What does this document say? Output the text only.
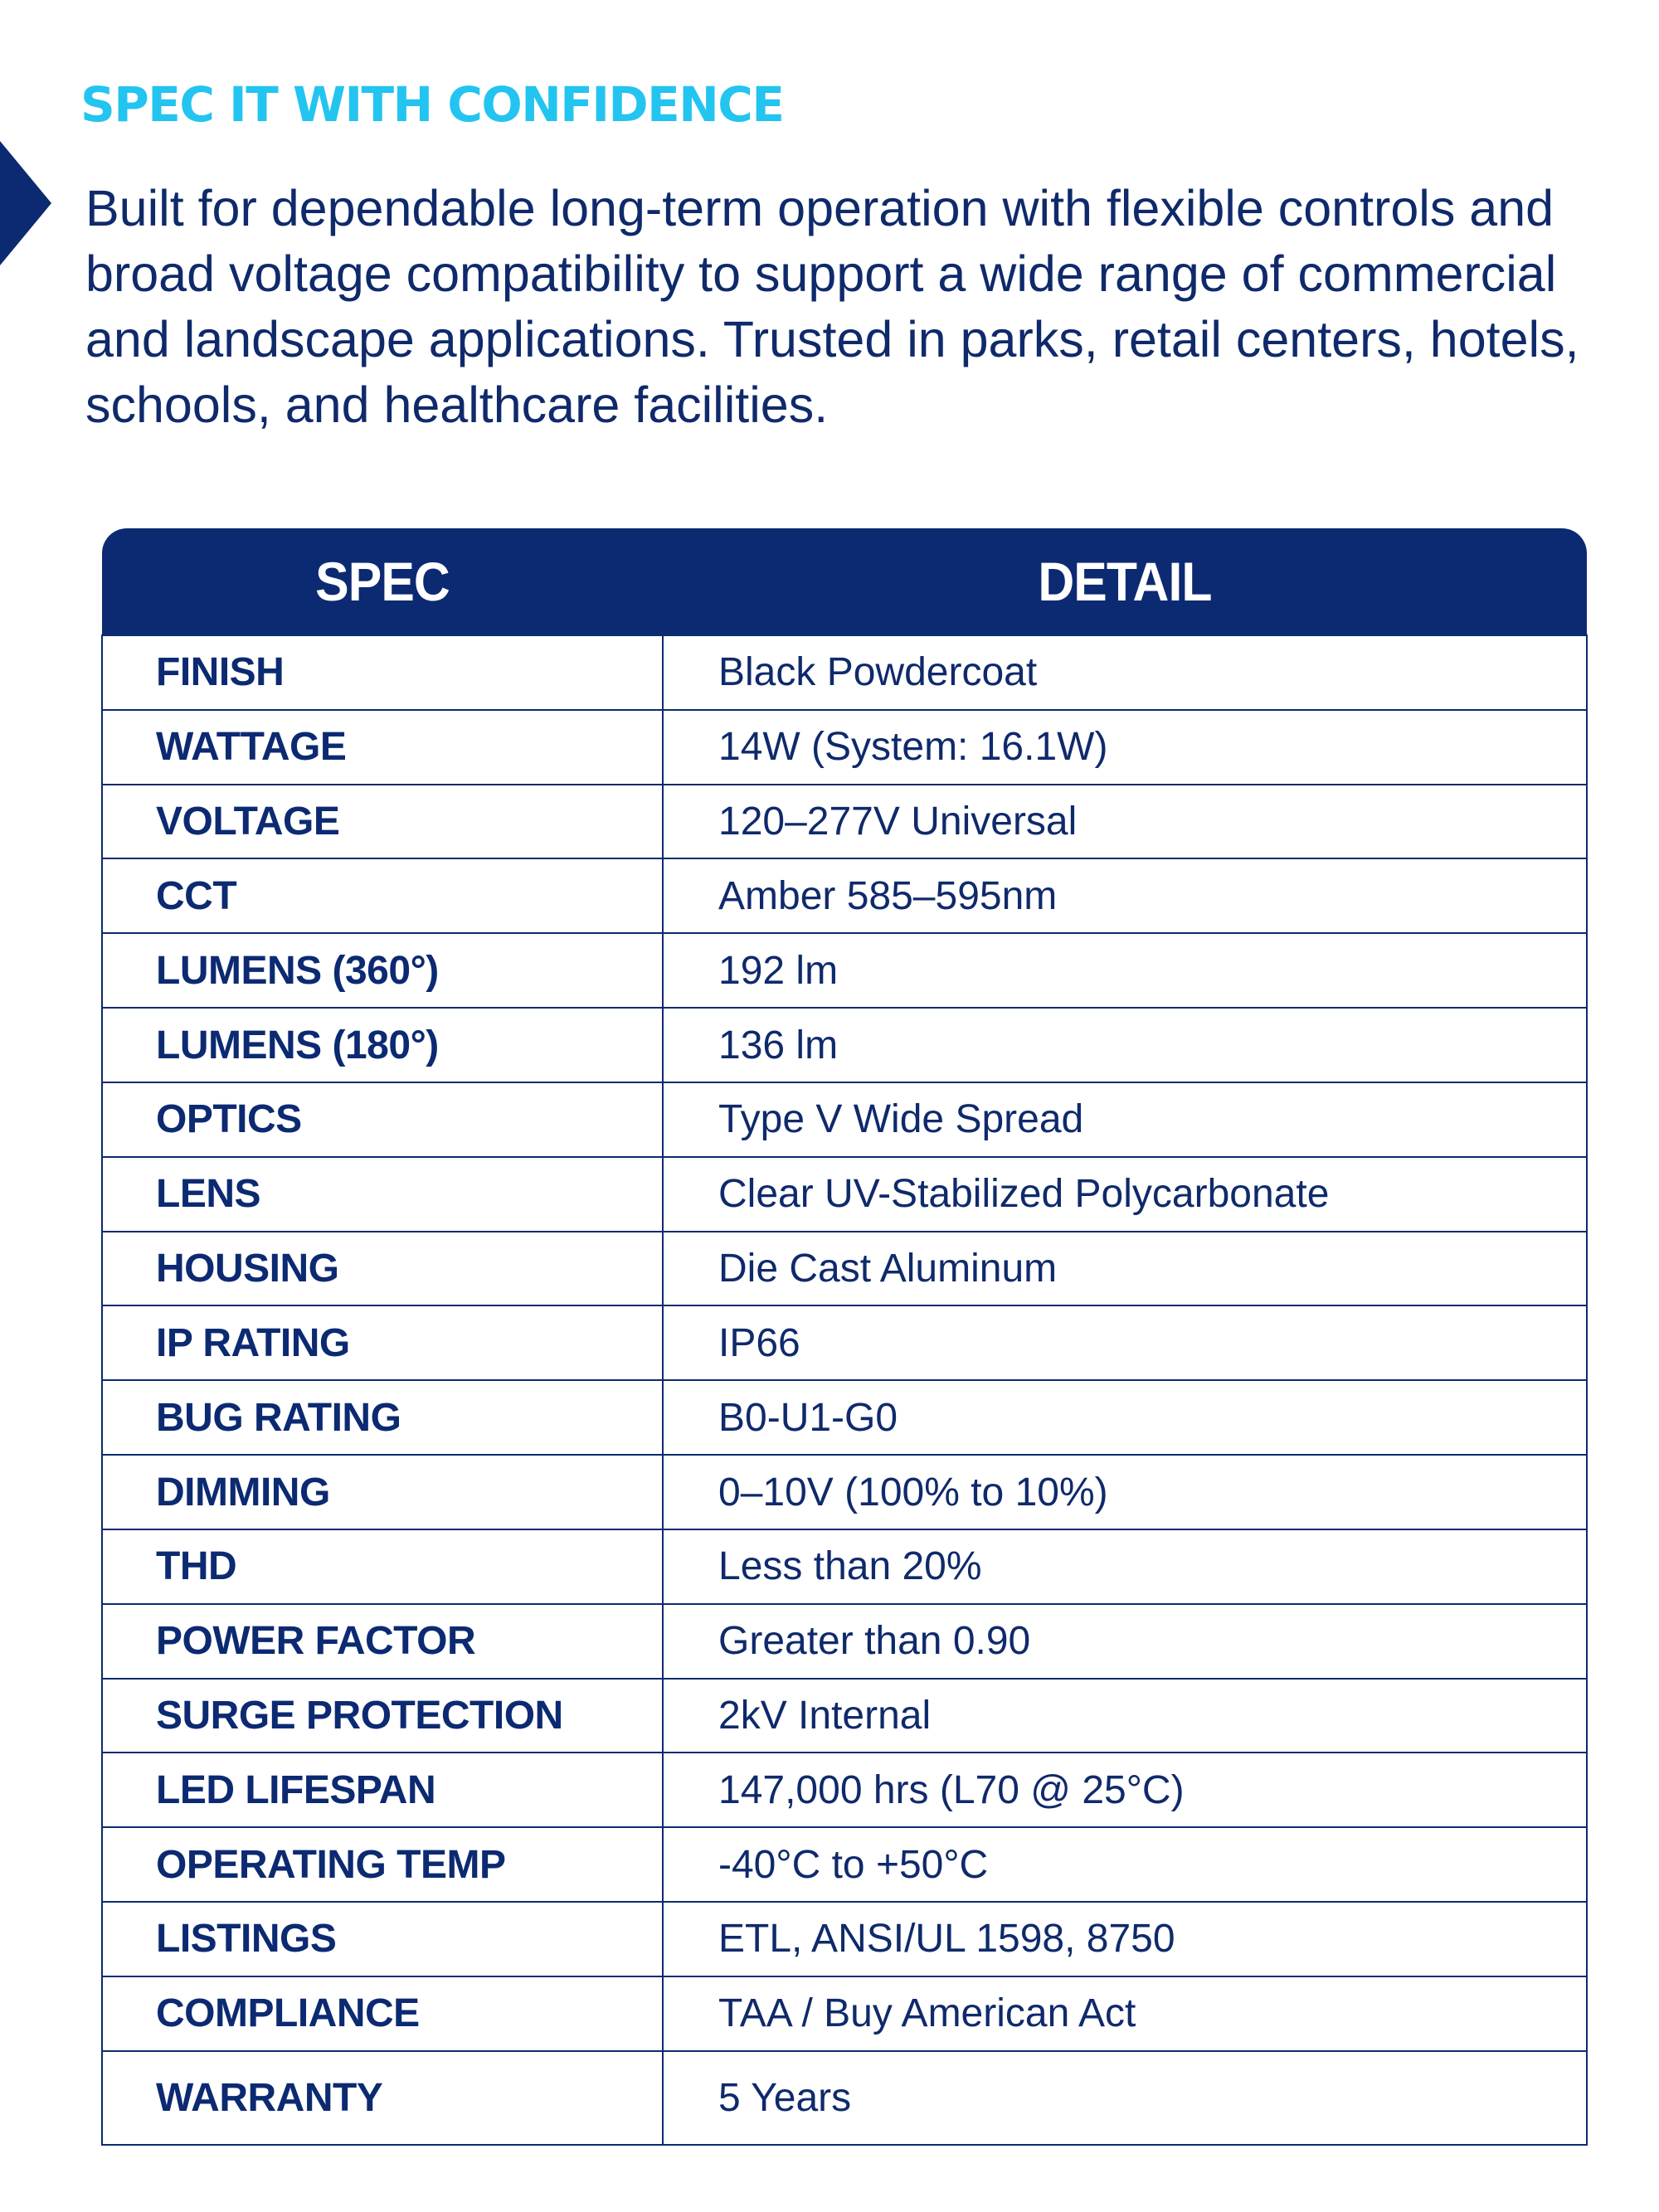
SPEC IT WITH CONFIDENCE

Built for dependable long-term operation with flexible controls and broad voltage compatibility to support a wide range of commercial and landscape applications. Trusted in parks, retail centers, hotels, schools, and healthcare facilities.

SPEC	DETAIL
FINISH	Black Powdercoat
WATTAGE	14W (System: 16.1W)
VOLTAGE	120–277V Universal
CCT	Amber 585–595nm
LUMENS (360°)	192 lm
LUMENS (180°)	136 lm
OPTICS	Type V Wide Spread
LENS	Clear UV-Stabilized Polycarbonate
HOUSING	Die Cast Aluminum
IP RATING	IP66
BUG RATING	B0-U1-G0
DIMMING	0–10V (100% to 10%)
THD	Less than 20%
POWER FACTOR	Greater than 0.90
SURGE PROTECTION	2kV Internal
LED LIFESPAN	147,000 hrs (L70 @ 25°C)
OPERATING TEMP	-40°C to +50°C
LISTINGS	ETL, ANSI/UL 1598, 8750
COMPLIANCE	TAA / Buy American Act
WARRANTY	5 Years
